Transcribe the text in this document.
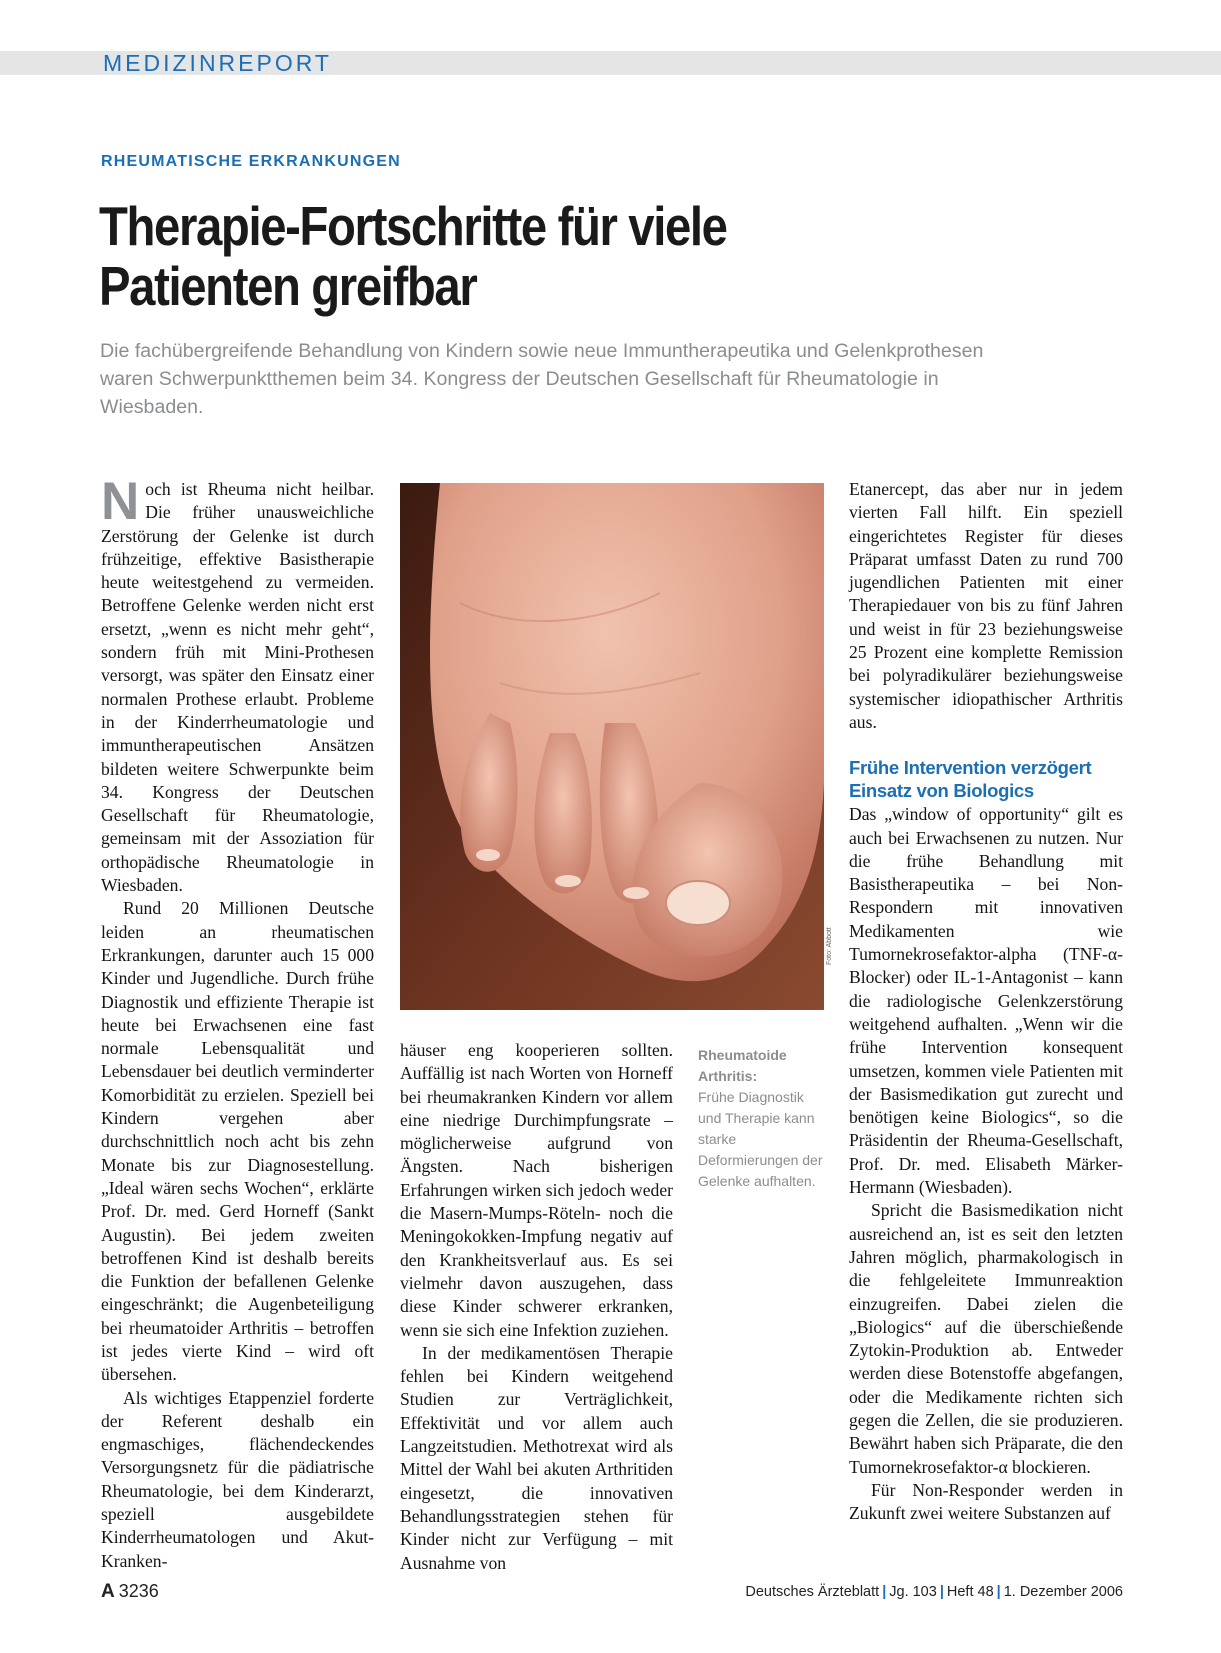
MEDIZINREPORT
RHEUMATISCHE ERKRANKUNGEN
Therapie-Fortschritte für viele
Patienten greifbar
Die fachübergreifende Behandlung von Kindern sowie neue Immuntherapeutika und Gelenkprothesen waren Schwerpunktthemen beim 34. Kongress der Deutschen Gesellschaft für Rheumatologie in Wiesbaden.

Noch ist Rheuma nicht heilbar. Die früher unausweichliche Zerstörung der Gelenke ist durch frühzeitige, effektive Basistherapie heute weitestgehend zu vermeiden. Betroffene Gelenke werden nicht erst ersetzt, „wenn es nicht mehr geht“, sondern früh mit Mini-Prothesen versorgt, was später den Einsatz einer normalen Prothese erlaubt. Probleme in der Kinderrheumatologie und immuntherapeutischen Ansätzen bildeten weitere Schwerpunkte beim 34. Kongress der Deutschen Gesellschaft für Rheumatologie, gemeinsam mit der Assoziation für orthopädische Rheumatologie in Wiesbaden.

Rund 20 Millionen Deutsche leiden an rheumatischen Erkrankungen, darunter auch 15 000 Kinder und Jugendliche. Durch frühe Diagnostik und effiziente Therapie ist heute bei Erwachsenen eine fast normale Lebensqualität und Lebensdauer bei deutlich verminderter Komorbidität zu erzielen. Speziell bei Kindern vergehen aber durchschnittlich noch acht bis zehn Monate bis zur Diagnosestellung. „Ideal wären sechs Wochen“, erklärte Prof. Dr. med. Gerd Horneff (Sankt Augustin). Bei jedem zweiten betroffenen Kind ist deshalb bereits die Funktion der befallenen Gelenke eingeschränkt; die Augenbeteiligung bei rheumatoider Arthritis – betroffen ist jedes vierte Kind – wird oft übersehen.

Als wichtiges Etappenziel forderte der Referent deshalb ein engmaschiges, flächendeckendes Versorgungsnetz für die pädiatrische Rheumatologie, bei dem Kinderarzt, speziell ausgebildete Kinderrheumatologen und Akut-Kranken-

Foto: Abbott
Rheumatoide Arthritis:
Frühe Diagnostik und Therapie kann starke Deformierungen der Gelenke aufhalten.

häuser eng kooperieren sollten. Auffällig ist nach Worten von Horneff bei rheumakranken Kindern vor allem eine niedrige Durchimpfungsrate – möglicherweise aufgrund von Ängsten. Nach bisherigen Erfahrungen wirken sich jedoch weder die Masern-Mumps-Röteln- noch die Meningokokken-Impfung negativ auf den Krankheitsverlauf aus. Es sei vielmehr davon auszugehen, dass diese Kinder schwerer erkranken, wenn sie sich eine Infektion zuziehen.

In der medikamentösen Therapie fehlen bei Kindern weitgehend Studien zur Verträglichkeit, Effektivität und vor allem auch Langzeitstudien. Methotrexat wird als Mittel der Wahl bei akuten Arthritiden eingesetzt, die innovativen Behandlungsstrategien stehen für Kinder nicht zur Verfügung – mit Ausnahme von

Etanercept, das aber nur in jedem vierten Fall hilft. Ein speziell eingerichtetes Register für dieses Präparat umfasst Daten zu rund 700 jugendlichen Patienten mit einer Therapiedauer von bis zu fünf Jahren und weist in für 23 beziehungsweise 25 Prozent eine komplette Remission bei polyradikulärer beziehungsweise systemischer idiopathischer Arthritis aus.

Frühe Intervention verzögert Einsatz von Biologics

Das „window of opportunity“ gilt es auch bei Erwachsenen zu nutzen. Nur die frühe Behandlung mit Basistherapeutika – bei Non-Respondern mit innovativen Medikamenten wie Tumornekrosefaktor-alpha (TNF-α-Blocker) oder IL-1-Antagonist – kann die radiologische Gelenkzerstörung weitgehend aufhalten. „Wenn wir die frühe Intervention konsequent umsetzen, kommen viele Patienten mit der Basismedikation gut zurecht und benötigen keine Biologics“, so die Präsidentin der Rheuma-Gesellschaft, Prof. Dr. med. Elisabeth Märker-Hermann (Wiesbaden).

Spricht die Basismedikation nicht ausreichend an, ist es seit den letzten Jahren möglich, pharmakologisch in die fehlgeleitete Immunreaktion einzugreifen. Dabei zielen die „Biologics“ auf die überschießende Zytokin-Produktion ab. Entweder werden diese Botenstoffe abgefangen, oder die Medikamente richten sich gegen die Zellen, die sie produzieren. Bewährt haben sich Präparate, die den Tumornekrosefaktor-α blockieren.

Für Non-Responder werden in Zukunft zwei weitere Substanzen auf

A 3236	Deutsches Ärzteblatt | Jg. 103 | Heft 48 | 1. Dezember 2006
